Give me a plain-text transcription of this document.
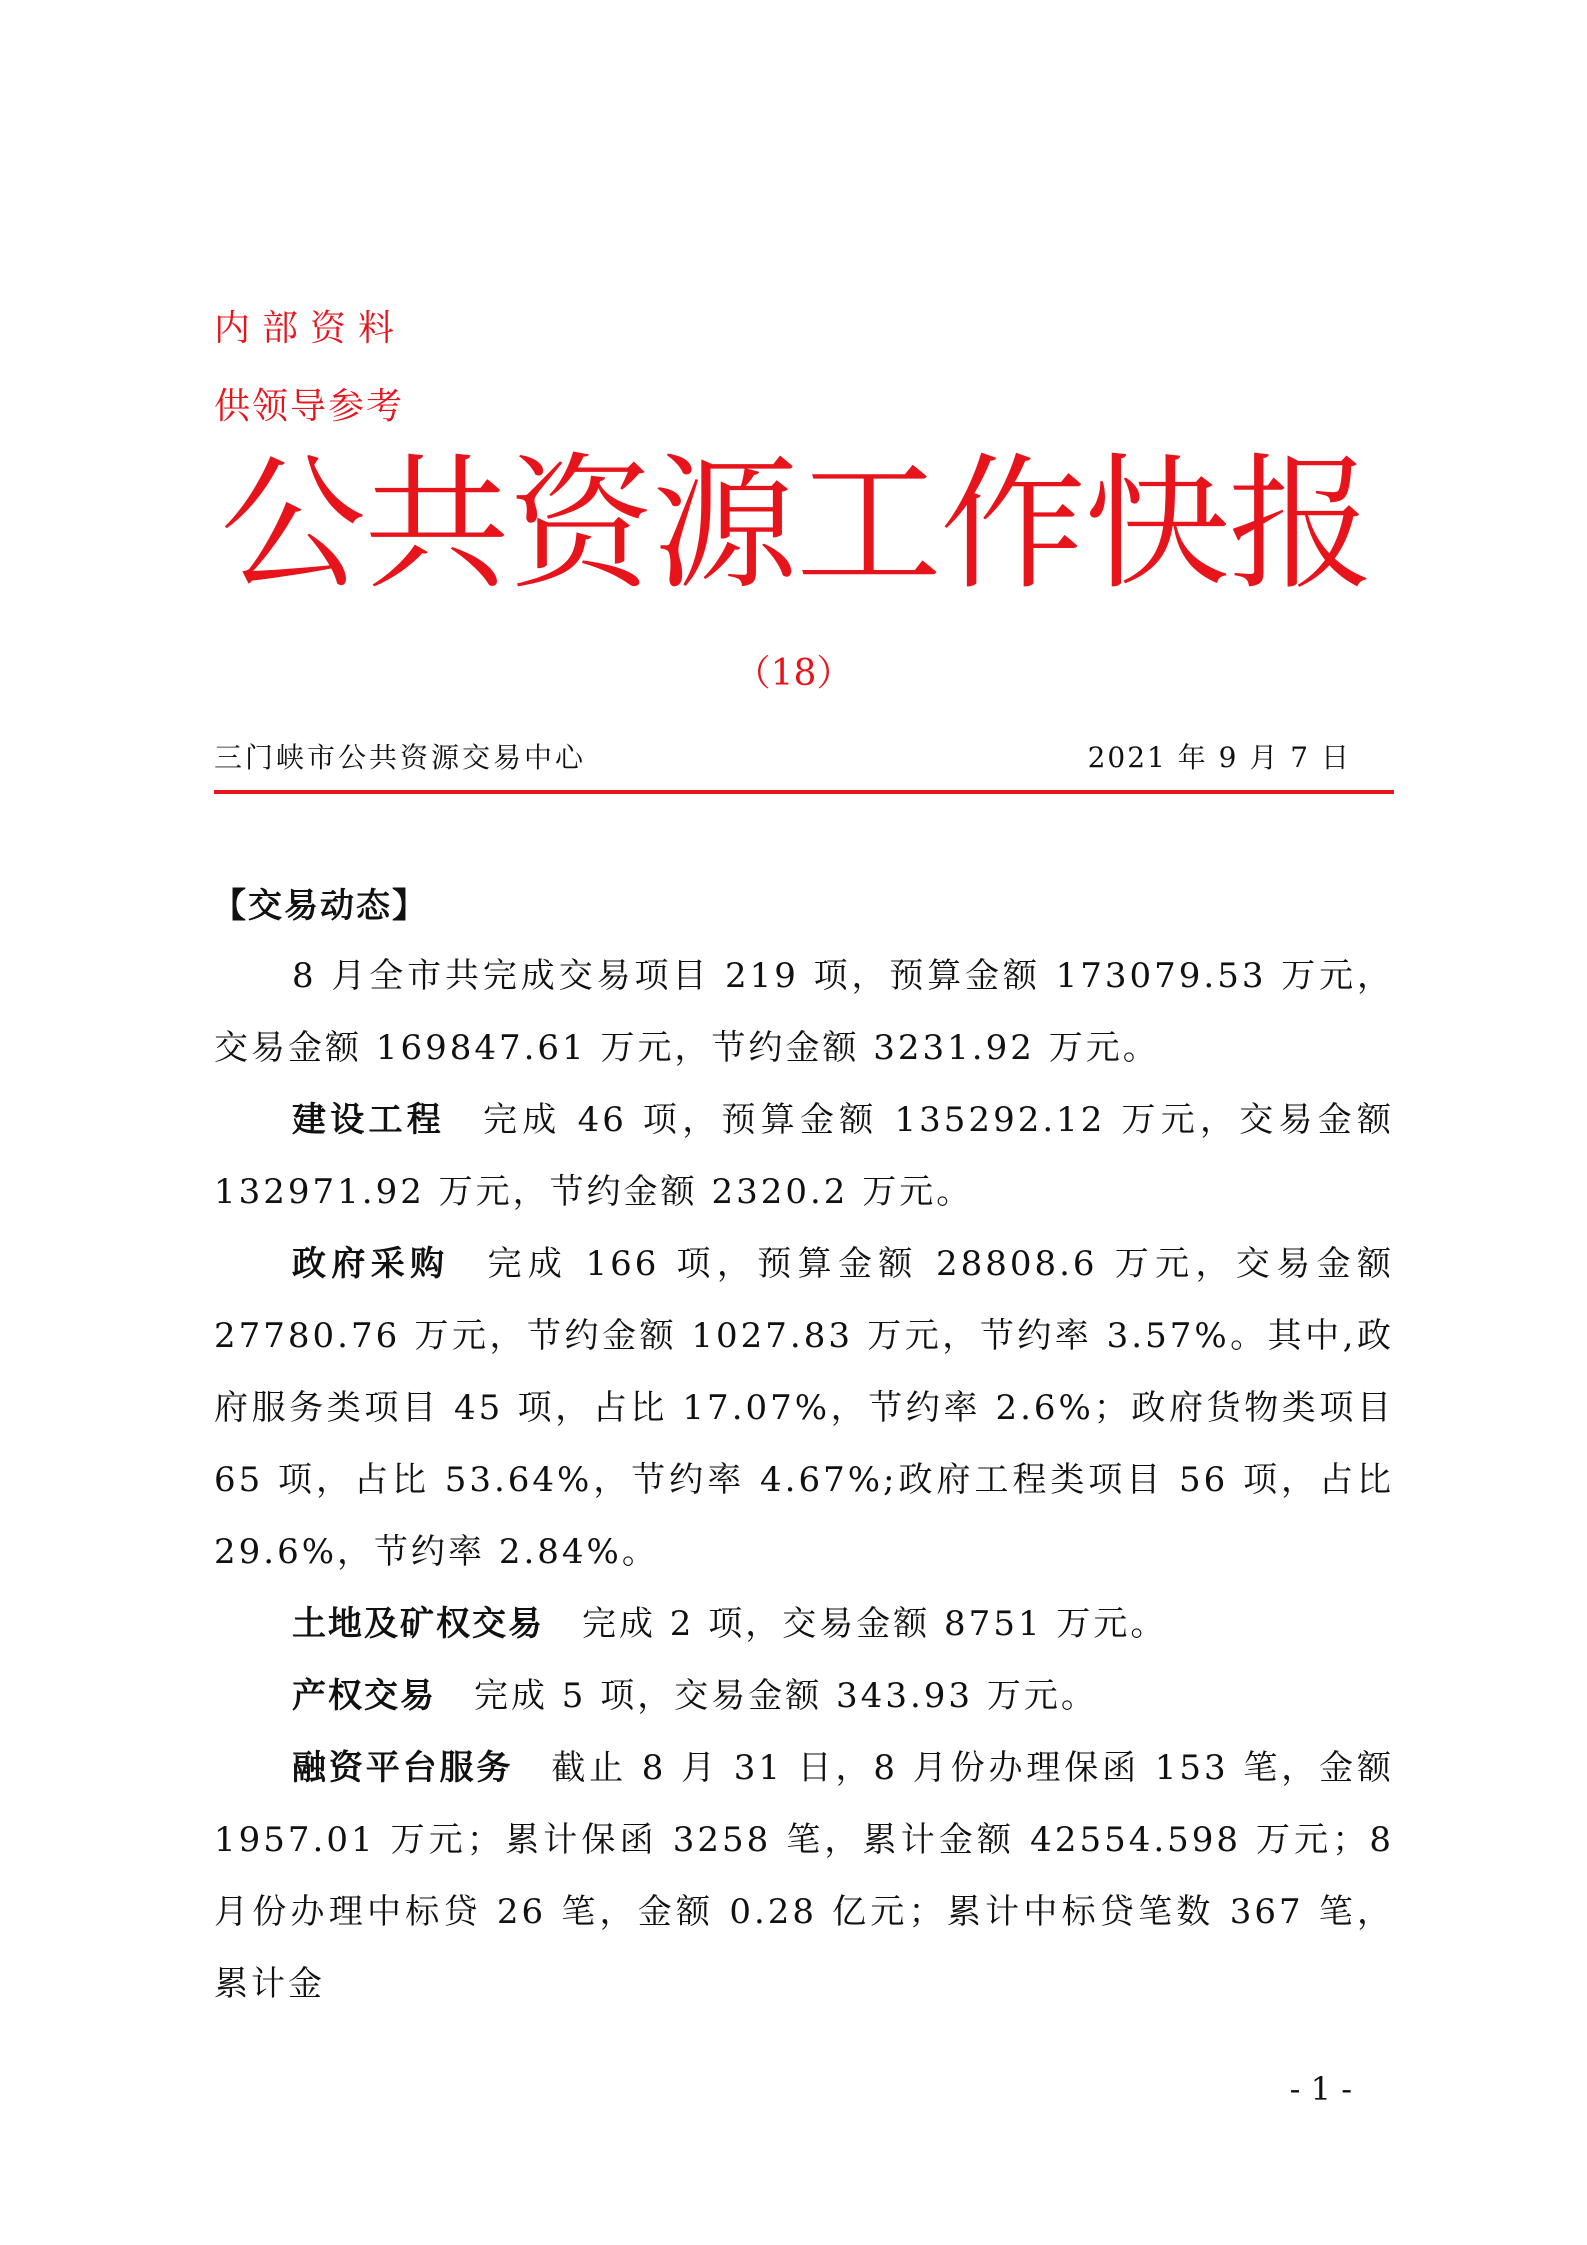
内部资料
供领导参考
公共资源工作快报
（18）
三门峡市公共资源交易中心	2021 年 9 月 7 日
【交易动态】

8 月全市共完成交易项目 219 项，预算金额 173079.53 万元，交易金额 169847.61 万元，节约金额 3231.92 万元。

建设工程 完成 46 项，预算金额 135292.12 万元，交易金额 132971.92 万元，节约金额 2320.2 万元。

政府采购 完成 166 项，预算金额 28808.6 万元，交易金额 27780.76 万元，节约金额 1027.83 万元，节约率 3.57%。其中,政府服务类项目 45 项，占比 17.07%，节约率 2.6%；政府货物类项目 65 项，占比 53.64%，节约率 4.67%;政府工程类项目 56 项，占比 29.6%，节约率 2.84%。

土地及矿权交易 完成 2 项，交易金额 8751 万元。

产权交易 完成 5 项，交易金额 343.93 万元。

融资平台服务 截止 8 月 31 日，8 月份办理保函 153 笔，金额 1957.01 万元；累计保函 3258 笔，累计金额 42554.598 万元；8 月份办理中标贷 26 笔，金额 0.28 亿元；累计中标贷笔数 367 笔，累计金

- 1 -
